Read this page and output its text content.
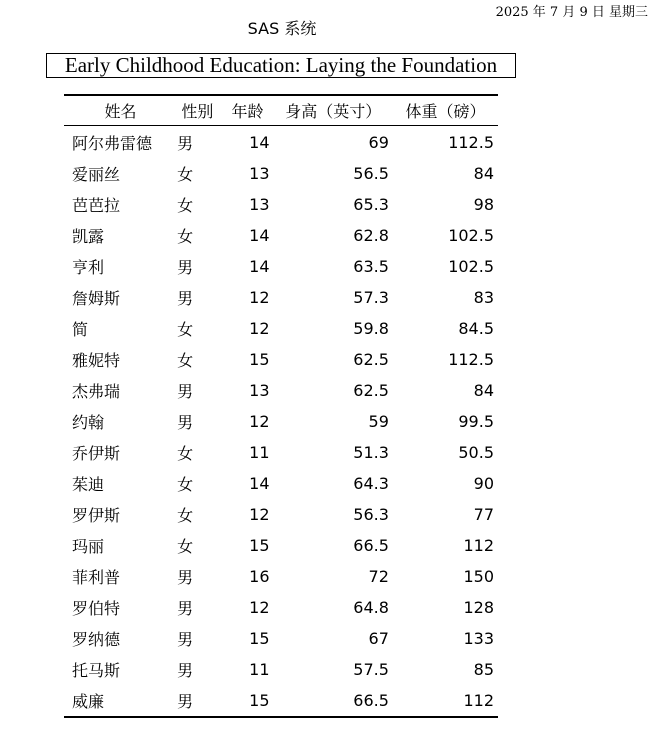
2025 年 7 月 9 日 星期三
SAS 系统
Early Childhood Education: Laying the Foundation
姓名	性别	年龄	身高（英寸）	体重（磅）
阿尔弗雷德	男	14	69	112.5
爱丽丝	女	13	56.5	84
芭芭拉	女	13	65.3	98
凯露	女	14	62.8	102.5
亨利	男	14	63.5	102.5
詹姆斯	男	12	57.3	83
简	女	12	59.8	84.5
雅妮特	女	15	62.5	112.5
杰弗瑞	男	13	62.5	84
约翰	男	12	59	99.5
乔伊斯	女	11	51.3	50.5
茱迪	女	14	64.3	90
罗伊斯	女	12	56.3	77
玛丽	女	15	66.5	112
菲利普	男	16	72	150
罗伯特	男	12	64.8	128
罗纳德	男	15	67	133
托马斯	男	11	57.5	85
威廉	男	15	66.5	112
